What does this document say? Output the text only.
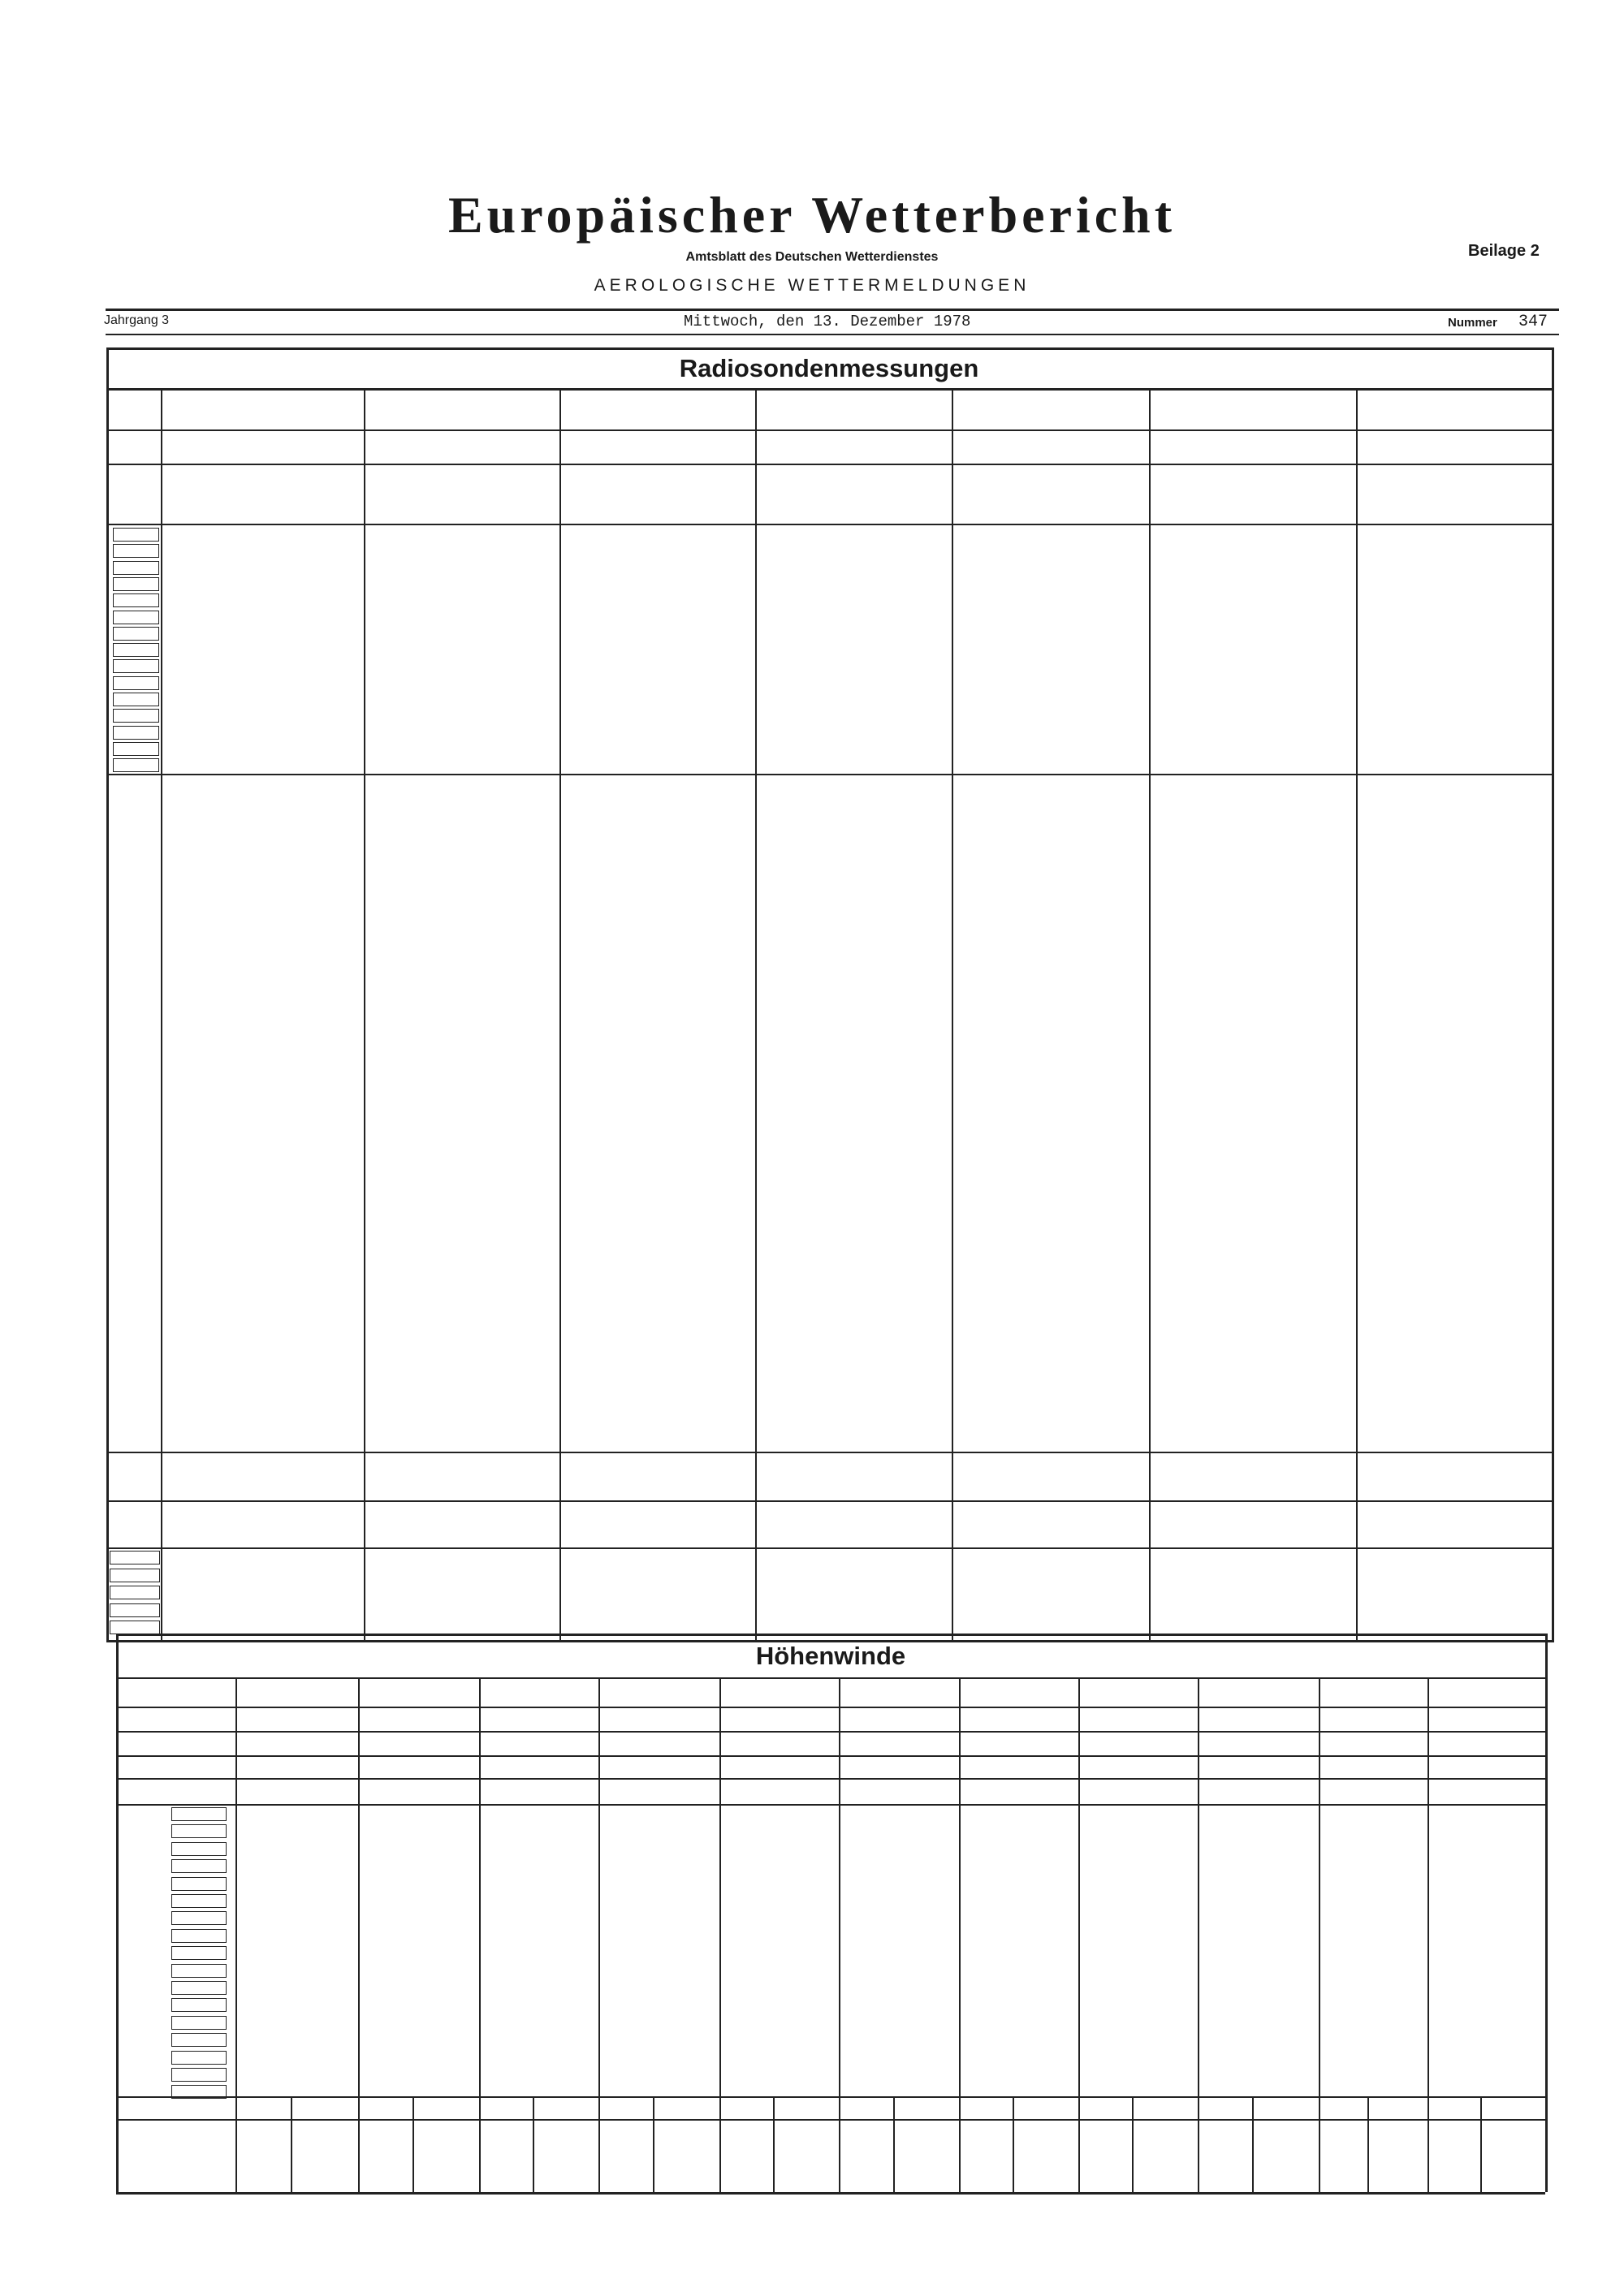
Europäischer Wetterbericht
Amtsblatt des Deutschen Wetterdienstes	Beilage 2
AEROLOGISCHE WETTERMELDUNGEN
Jahrgang 3	Mittwoch, den 13. Dezember 1978	Nummer 347
Radiosondenmessungen
Höhenwinde
